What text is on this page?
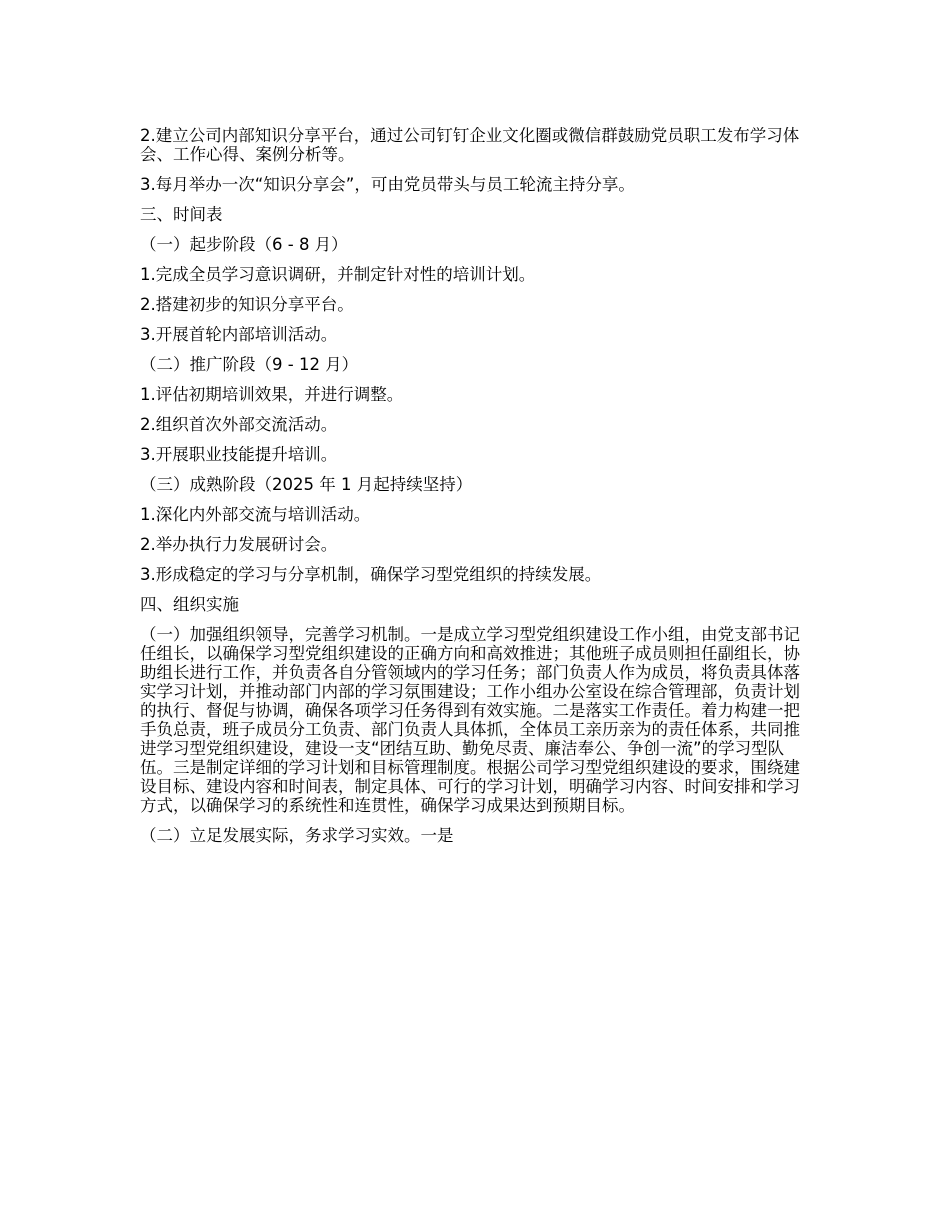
2.建立公司内部知识分享平台，通过公司钉钉企业文化圈或微信群鼓励党员职工发布学习体会、工作心得、案例分析等。

3.每月举办一次“知识分享会”，可由党员带头与员工轮流主持分享。

三、时间表

（一）起步阶段（6 - 8 月）

1.完成全员学习意识调研，并制定针对性的培训计划。

2.搭建初步的知识分享平台。

3.开展首轮内部培训活动。

（二）推广阶段（9 - 12 月）

1.评估初期培训效果，并进行调整。

2.组织首次外部交流活动。

3.开展职业技能提升培训。

（三）成熟阶段（2025 年 1 月起持续坚持）

1.深化内外部交流与培训活动。

2.举办执行力发展研讨会。

3.形成稳定的学习与分享机制，确保学习型党组织的持续发展。

四、组织实施

（一）加强组织领导，完善学习机制。一是成立学习型党组织建设工作小组，由党支部书记任组长，以确保学习型党组织建设的正确方向和高效推进；其他班子成员则担任副组长，协助组长进行工作，并负责各自分管领域内的学习任务；部门负责人作为成员，将负责具体落实学习计划，并推动部门内部的学习氛围建设；工作小组办公室设在综合管理部，负责计划的执行、督促与协调，确保各项学习任务得到有效实施。二是落实工作责任。着力构建一把手负总责，班子成员分工负责、部门负责人具体抓，全体员工亲历亲为的责任体系，共同推进学习型党组织建设，建设一支“团结互助、勤免尽责、廉洁奉公、争创一流”的学习型队伍。三是制定详细的学习计划和目标管理制度。根据公司学习型党组织建设的要求，围绕建设目标、建设内容和时间表，制定具体、可行的学习计划，明确学习内容、时间安排和学习方式，以确保学习的系统性和连贯性，确保学习成果达到预期目标。

（二）立足发展实际，务求学习实效。一是
